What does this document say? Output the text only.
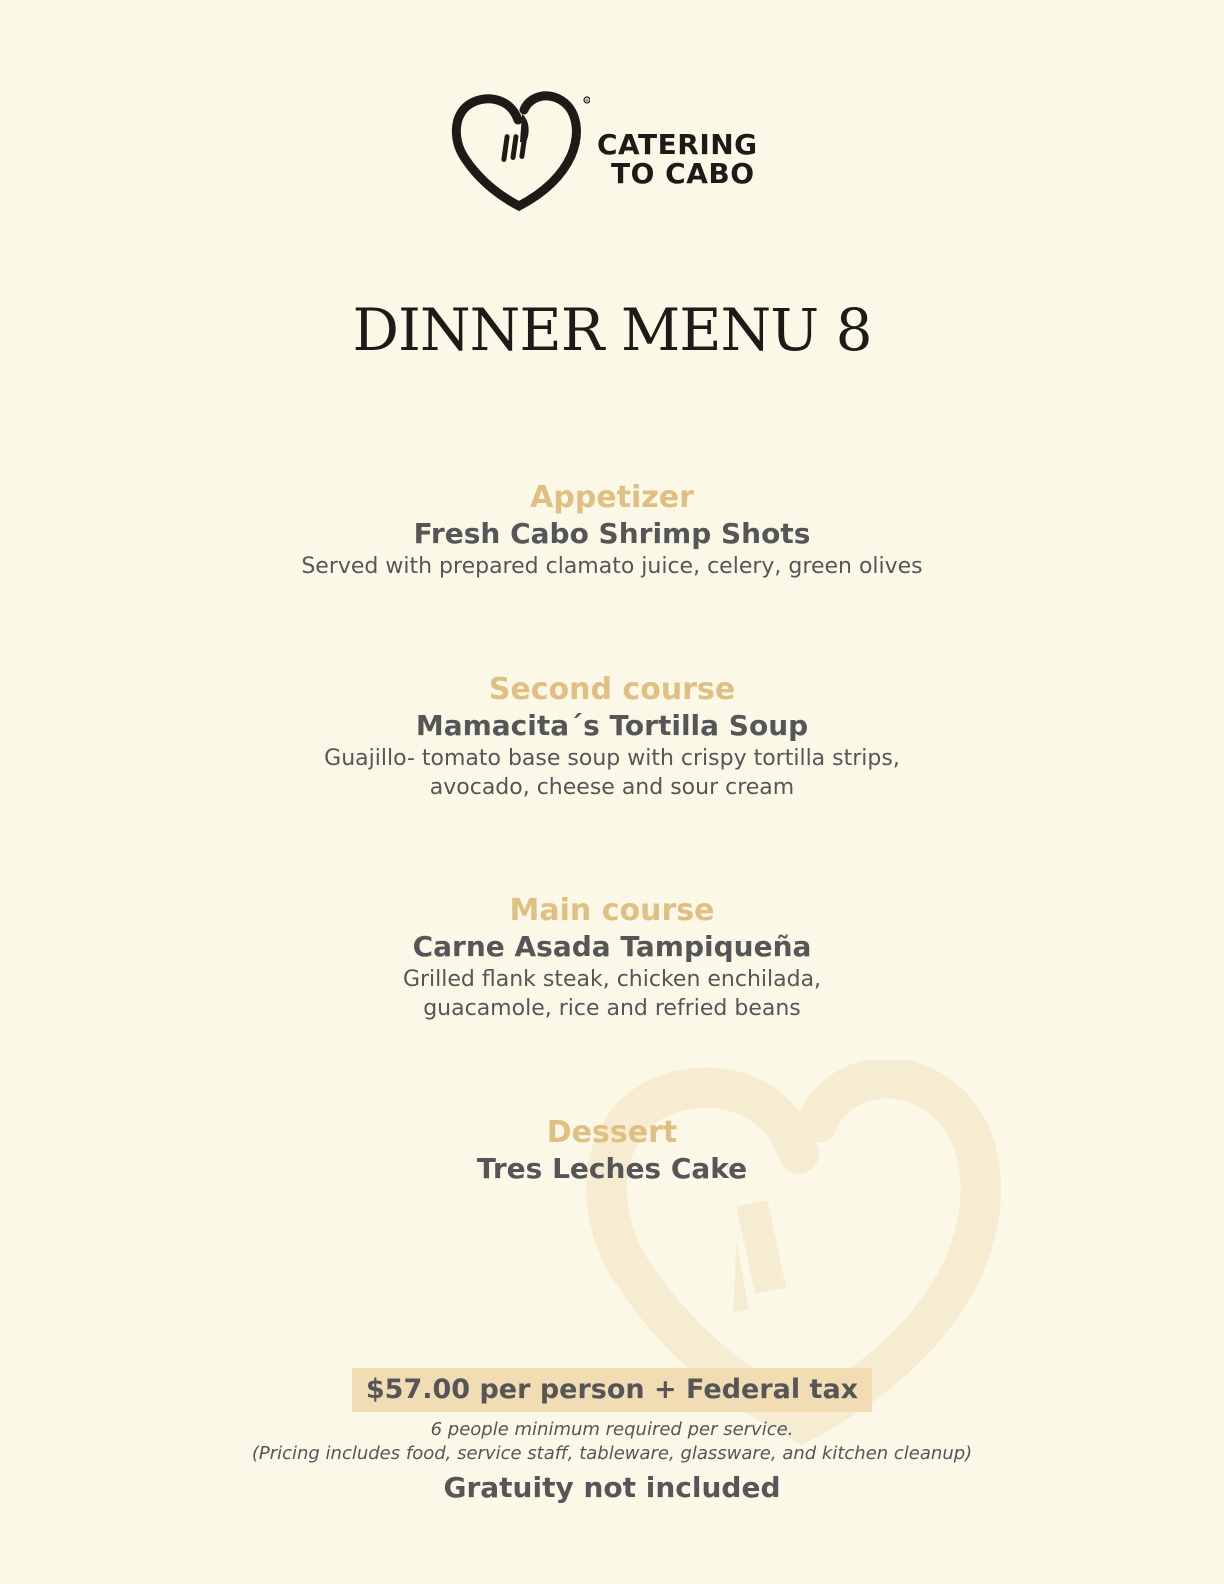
®
CATERING
TO CABO
DINNER MENU 8
Appetizer
Fresh Cabo Shrimp Shots
Served with prepared clamato juice, celery, green olives
Second course
Mamacita´s Tortilla Soup
Guajillo- tomato base soup with crispy tortilla strips,
avocado, cheese and sour cream
Main course
Carne Asada Tampiqueña
Grilled flank steak, chicken enchilada,
guacamole, rice and refried beans
Dessert
Tres Leches Cake
$57.00 per person + Federal tax
6 people minimum required per service.
(Pricing includes food, service staff, tableware, glassware, and kitchen cleanup)
Gratuity not included
